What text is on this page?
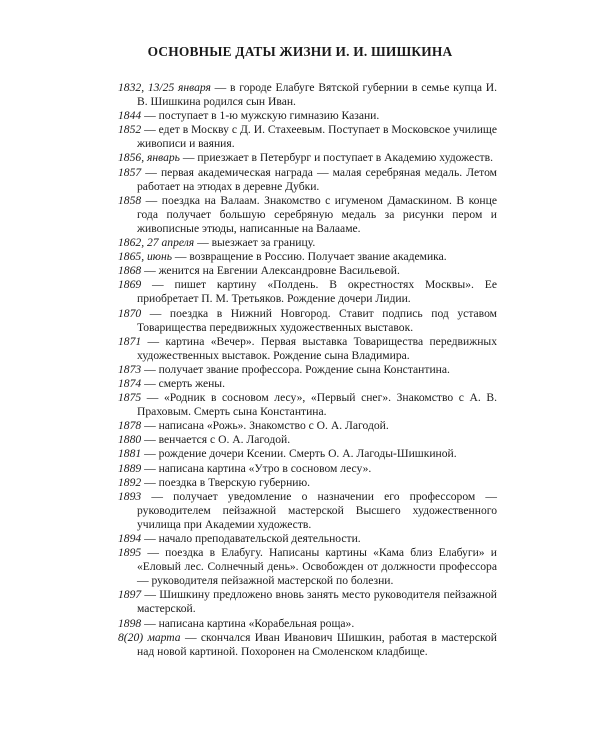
ОСНОВНЫЕ ДАТЫ ЖИЗНИ И. И. ШИШКИНА

1832, 13/25 января — в городе Елабуге Вятской губернии в семье купца И. В. Шишкина родился сын Иван.

1844 — поступает в 1-ю мужскую гимназию Казани.

1852 — едет в Москву с Д. И. Стахеевым. Поступает в Московское училище живописи и ваяния.

1856, январь — приезжает в Петербург и поступает в Академию художеств.

1857 — первая академическая награда — малая серебряная медаль. Летом работает на этюдах в деревне Дубки.

1858 — поездка на Валаам. Знакомство с игуменом Дамаскином. В конце года получает большую серебряную медаль за рисунки пером и живописные этюды, написанные на Валааме.

1862, 27 апреля — выезжает за границу.

1865, июнь — возвращение в Россию. Получает звание академика.

1868 — женится на Евгении Александровне Васильевой.

1869 — пишет картину «Полдень. В окрестностях Москвы». Ее приобретает П. М. Третьяков. Рождение дочери Лидии.

1870 — поездка в Нижний Новгород. Ставит подпись под уставом Товарищества передвижных художественных выставок.

1871 — картина «Вечер». Первая выставка Товарищества передвижных художественных выставок. Рождение сына Владимира.

1873 — получает звание профессора. Рождение сына Константина.

1874 — смерть жены.

1875 — «Родник в сосновом лесу», «Первый снег». Знакомство с А. В. Праховым. Смерть сына Константина.

1878 — написана «Рожь». Знакомство с О. А. Лагодой.

1880 — венчается с О. А. Лагодой.

1881 — рождение дочери Ксении. Смерть О. А. Лагоды-Шишкиной.

1889 — написана картина «Утро в сосновом лесу».

1892 — поездка в Тверскую губернию.

1893 — получает уведомление о назначении его профессором — руководителем пейзажной мастерской Высшего художественного училища при Академии художеств.

1894 — начало преподавательской деятельности.

1895 — поездка в Елабугу. Написаны картины «Кама близ Елабуги» и «Еловый лес. Солнечный день». Освобожден от должности профессора — руководителя пейзажной мастерской по болезни.

1897 — Шишкину предложено вновь занять место руководителя пейзажной мастерской.

1898 — написана картина «Корабельная роща».

8(20) марта — скончался Иван Иванович Шишкин, работая в мастерской над новой картиной. Похоронен на Смоленском кладбище.
